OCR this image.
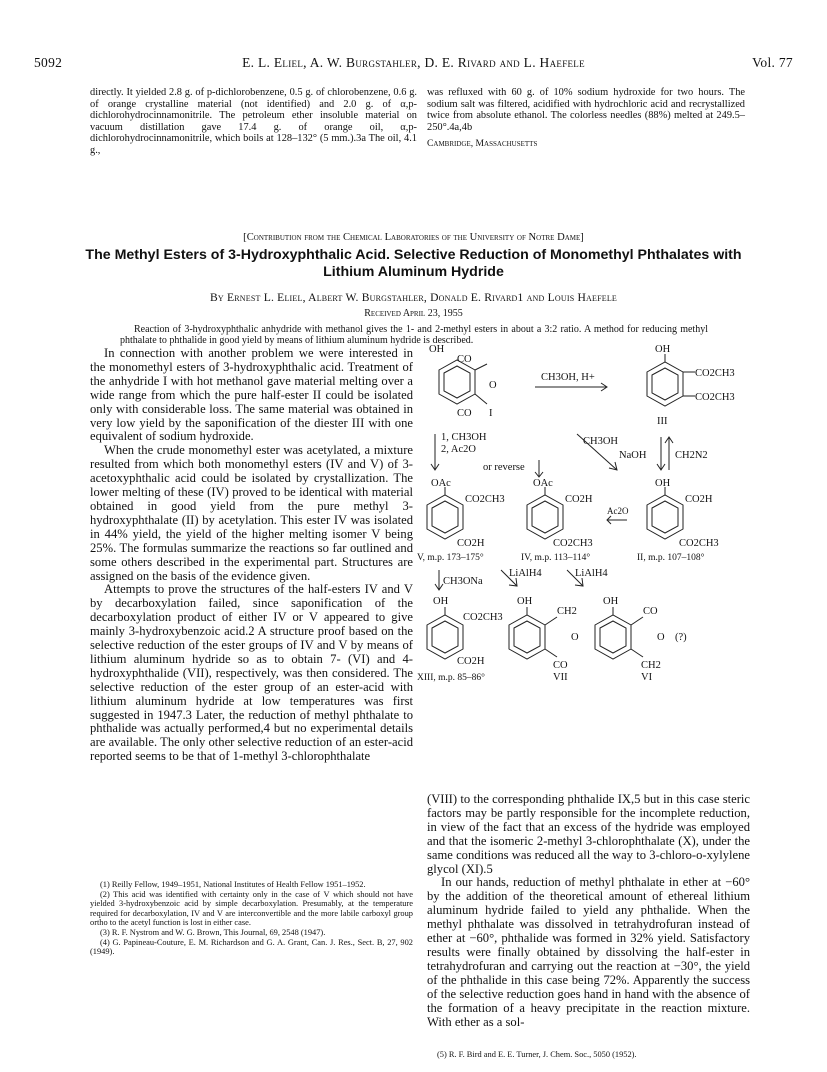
5092	E. L. Eliel, A. W. Burgstahler, D. E. Rivard and L. Haefele	Vol. 77

directly. It yielded 2.8 g. of p-dichlorobenzene, 0.5 g. of chlorobenzene, 0.6 g. of orange crystalline material (not identified) and 2.0 g. of α,p-dichlorohydrocinnamonitrile. The petroleum ether insoluble material on vacuum distillation gave 17.4 g. of orange oil, α,p-dichlorohydrocinnamonitrile, which boils at 128–132° (5 mm.).3a The oil, 4.1 g.,

was refluxed with 60 g. of 10% sodium hydroxide for two hours. The sodium salt was filtered, acidified with hydrochloric acid and recrystallized twice from absolute ethanol. The colorless needles (88%) melted at 249.5–250°.4a,4b

Cambridge, Massachusetts

[Contribution from the Chemical Laboratories of the University of Notre Dame]
The Methyl Esters of 3-Hydroxyphthalic Acid. Selective Reduction of Monomethyl Phthalates with Lithium Aluminum Hydride
By Ernest L. Eliel, Albert W. Burgstahler, Donald E. Rivard1 and Louis Haefele
Received April 23, 1955
Reaction of 3-hydroxyphthalic anhydride with methanol gives the 1- and 2-methyl esters in about a 3:2 ratio. A method for reducing methyl phthalate to phthalide in good yield by means of lithium aluminum hydride is described.

In connection with another problem we were interested in the monomethyl esters of 3-hydroxyphthalic acid. Treatment of the anhydride I with hot methanol gave material melting over a wide range from which the pure half-ester II could be isolated only with considerable loss. The same material was obtained in very low yield by the saponification of the diester III with one equivalent of sodium hydroxide.

When the crude monomethyl ester was acetylated, a mixture resulted from which both monomethyl esters (IV and V) of 3-acetoxyphthalic acid could be isolated by crystallization. The lower melting of these (IV) proved to be identical with material obtained in good yield from the pure methyl 3-hydroxyphthalate (II) by acetylation. This ester IV was isolated in 44% yield, the yield of the higher melting isomer V being 25%. The formulas summarize the reactions so far outlined and some others described in the experimental part. Structures are assigned on the basis of the evidence given.

Attempts to prove the structures of the half-esters IV and V by decarboxylation failed, since saponification of the decarboxylation product of either IV or V appeared to give mainly 3-hydroxybenzoic acid.2 A structure proof based on the selective reduction of the ester groups of IV and V by means of lithium aluminum hydride so as to obtain 7- (VI) and 4-hydroxyphthalide (VII), respectively, was then considered. The selective reduction of the ester group of an ester-acid with lithium aluminum hydride at low temperatures was first suggested in 1947.3 Later, the reduction of methyl phthalate to phthalide was actually performed,4 but no experimental details are available. The only other selective reduction of an ester-acid reported seems to be that of 1-methyl 3-chlorophthalate

(1) Reilly Fellow, 1949–1951, National Institutes of Health Fellow 1951–1952.

(2) This acid was identified with certainty only in the case of V which should not have yielded 3-hydroxybenzoic acid by simple decarboxylation. Presumably, at the temperature required for decarboxylation, IV and V are interconvertible and the more labile carboxyl group ortho to the acetyl function is lost in either case.

(3) R. F. Nystrom and W. G. Brown, This Journal, 69, 2548 (1947).

(4) G. Papineau-Couture, E. M. Richardson and G. A. Grant, Can. J. Res., Sect. B, 27, 902 (1949).

(VIII) to the corresponding phthalide IX,5 but in this case steric factors may be partly responsible for the incomplete reduction, in view of the fact that an excess of the hydride was employed and that the isomeric 2-methyl 3-chlorophthalate (X), under the same conditions was reduced all the way to 3-chloro-o-xylylene glycol (XI).5

In our hands, reduction of methyl phthalate in ether at −60° by the addition of the theoretical amount of ethereal lithium aluminum hydride failed to yield any phthalide. When the methyl phthalate was dissolved in tetrahydrofuran instead of ether at −60°, phthalide was formed in 32% yield. Satisfactory results were finally obtained by dissolving the half-ester in tetrahydrofuran and carrying out the reaction at −30°, the yield of the phthalide in this case being 72%. Apparently the success of the selective reduction goes hand in hand with the absence of the formation of a heavy precipitate in the reaction mixture. With ether as a sol-

(5) R. F. Bird and E. E. Turner, J. Chem. Soc., 5050 (1952).

OH
CO
O
CO I
CH3OH, H+
OH
CO2CH3
CO2CH3
III
1, CH3OH
2, Ac2O
CH3OH
NaOH	CH2N2
or reverse
OAc
CO2CH3
CO2H
OAc
CO2H
CO2CH3
Ac2O
OH
CO2H
CO2CH3
V, m.p. 173–175°	IV, m.p. 113–114°	II, m.p. 107–108°
CH3ONa
LiAlH4	LiAlH4
OH
CO2CH3
CO2H
XIII, m.p. 85–86°
OH
CH2
O
CO
VII
OH
CO
O (?)
CH2
VI
